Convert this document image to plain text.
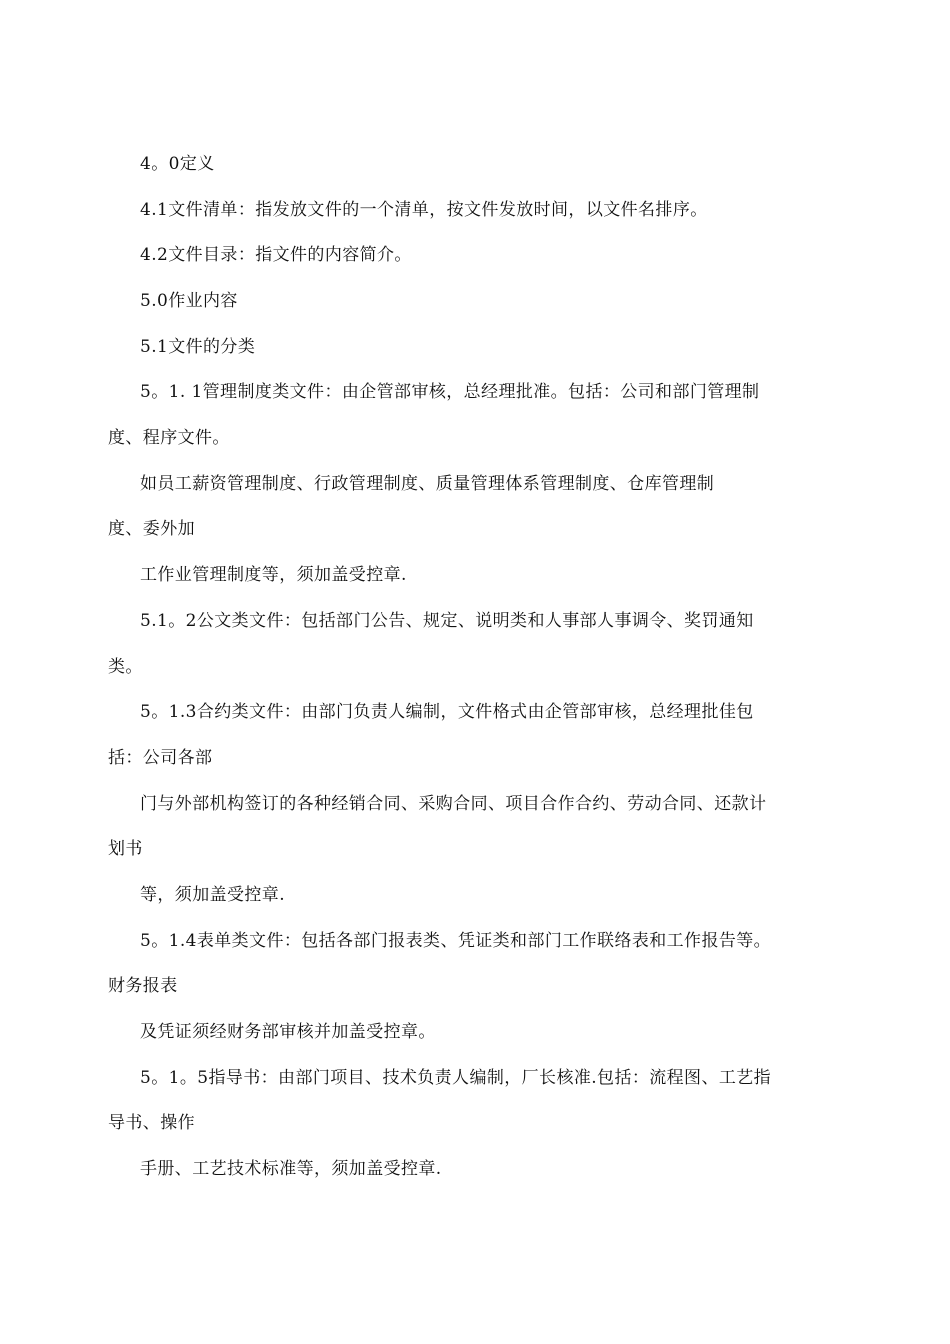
4。0定义
4.1文件清单：指发放文件的一个清单，按文件发放时间，以文件名排序。
4.2文件目录：指文件的内容简介。
5.0作业内容
5.1文件的分类
5。1. 1管理制度类文件：由企管部审核，总经理批准。包括：公司和部门管理制
度、程序文件。
如员工薪资管理制度、行政管理制度、质量管理体系管理制度、仓库管理制
度、委外加
工作业管理制度等，须加盖受控章.
5.1。2公文类文件：包括部门公告、规定、说明类和人事部人事调令、奖罚通知
类。
5。1.3合约类文件：由部门负责人编制，文件格式由企管部审核，总经理批佳包
括：公司各部
门与外部机构签订的各种经销合同、采购合同、项目合作合约、劳动合同、还款计
划书
等，须加盖受控章.
5。1.4表单类文件：包括各部门报表类、凭证类和部门工作联络表和工作报告等。
财务报表
及凭证须经财务部审核并加盖受控章。
5。1。5指导书：由部门项目、技术负责人编制，厂长核准.包括：流程图、工艺指
导书、操作
手册、工艺技术标准等，须加盖受控章.
